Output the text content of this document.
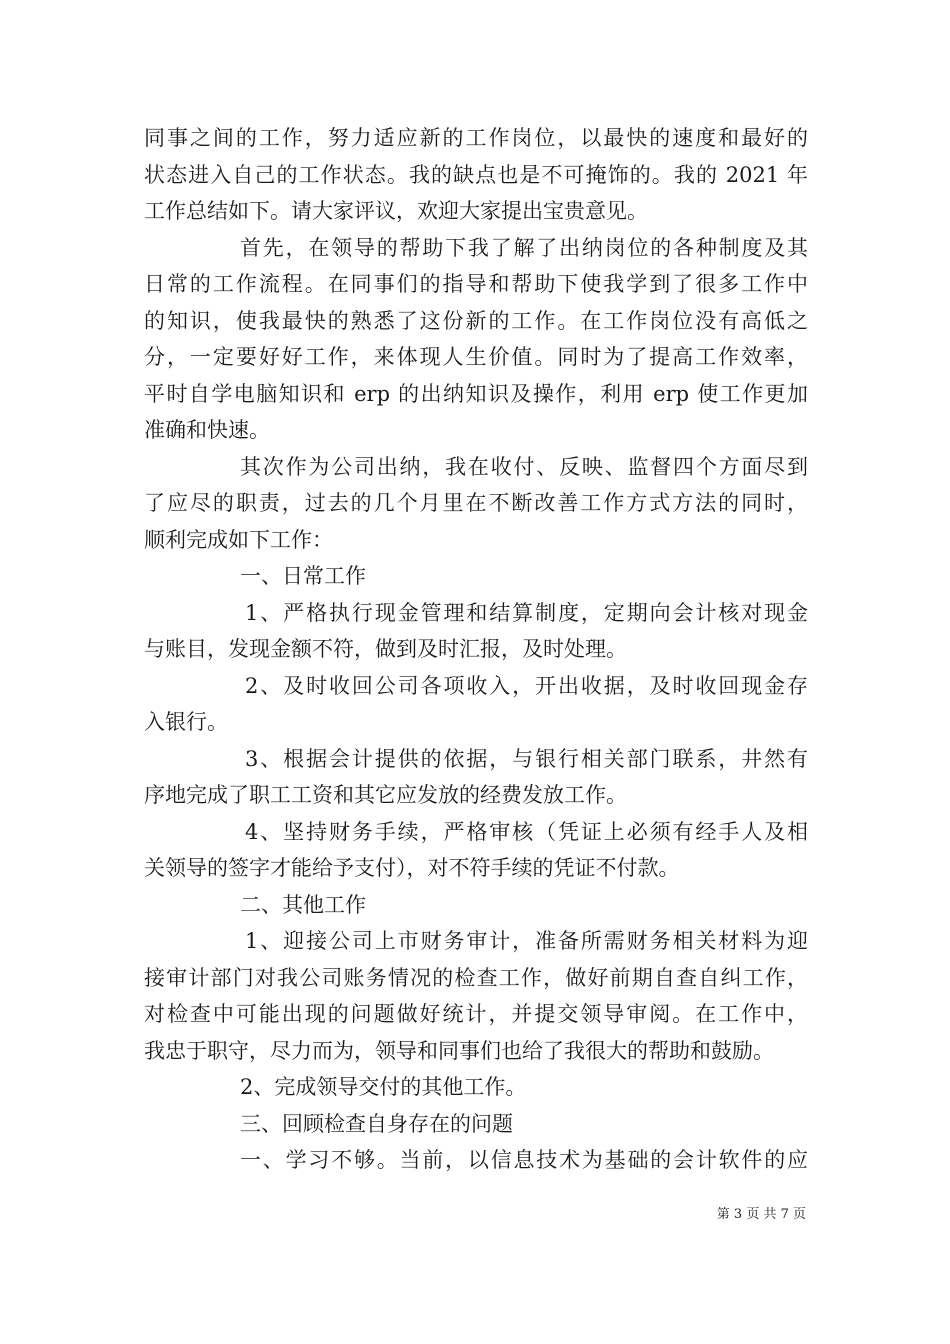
同事之间的工作，努力适应新的工作岗位，以最快的速度和最好的
状态进入自己的工作状态。我的缺点也是不可掩饰的。我的 2021 年
工作总结如下。请大家评议，欢迎大家提出宝贵意见。
首先，在领导的帮助下我了解了出纳岗位的各种制度及其
日常的工作流程。在同事们的指导和帮助下使我学到了很多工作中
的知识，使我最快的熟悉了这份新的工作。在工作岗位没有高低之
分，一定要好好工作，来体现人生价值。同时为了提高工作效率，
平时自学电脑知识和 erp 的出纳知识及操作，利用 erp 使工作更加
准确和快速。
其次作为公司出纳，我在收付、反映、监督四个方面尽到
了应尽的职责，过去的几个月里在不断改善工作方式方法的同时，
顺利完成如下工作：
一、日常工作
1、严格执行现金管理和结算制度，定期向会计核对现金
与账目，发现金额不符，做到及时汇报，及时处理。
2、及时收回公司各项收入，开出收据，及时收回现金存
入银行。
3、根据会计提供的依据，与银行相关部门联系，井然有
序地完成了职工工资和其它应发放的经费发放工作。
4、坚持财务手续，严格审核（凭证上必须有经手人及相
关领导的签字才能给予支付），对不符手续的凭证不付款。
二、其他工作
1、迎接公司上市财务审计，准备所需财务相关材料为迎
接审计部门对我公司账务情况的检查工作，做好前期自查自纠工作，
对检查中可能出现的问题做好统计，并提交领导审阅。在工作中，
我忠于职守，尽力而为，领导和同事们也给了我很大的帮助和鼓励。
2、完成领导交付的其他工作。
三、回顾检查自身存在的问题
一、学习不够。当前，以信息技术为基础的会计软件的应
第 3 页 共 7 页
